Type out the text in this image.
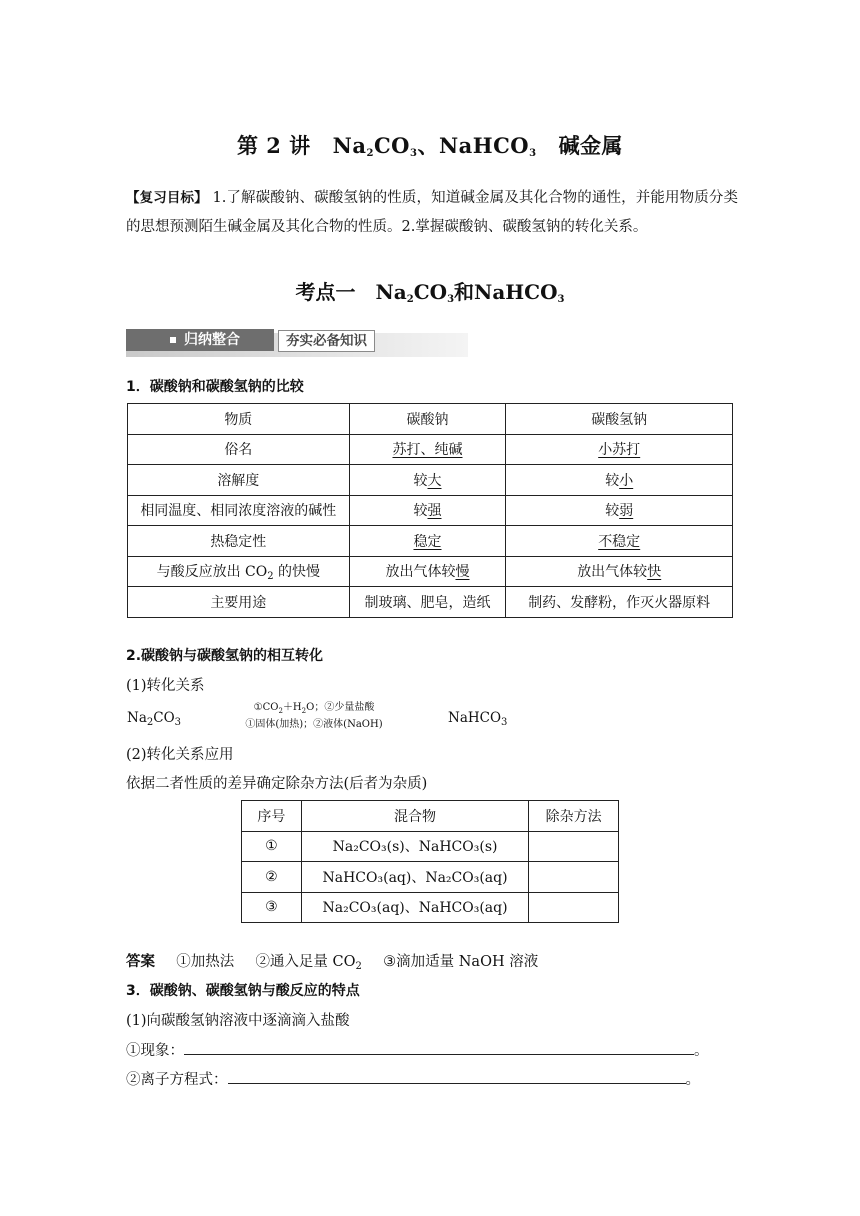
第 2 讲 $Na_2CO_3$、NaHCO$_3$ 碱金属
【复习目标】 1.了解碳酸钠、碳酸氢钠的性质，知道碱金属及其化合物的通性，并能用物质分类的思想预测陌生碱金属及其化合物的性质。2.掌握碳酸钠、碳酸氢钠的转化关系。
考点一 $Na_2CO_3$和NaHCO$_3$
归纳整合	夯实必备知识
1．碳酸钠和碳酸氢钠的比较
物质	碳酸钠	碳酸氢钠
俗名	苏打、纯碱	小苏打
溶解度	较大	较小
相同温度、相同浓度溶液的碱性	较强	较弱
热稳定性	稳定	不稳定
与酸反应放出 $CO_2$ 的快慢	放出气体较慢	放出气体较快
主要用途	制玻璃、肥皂，造纸	制药、发酵粉，作灭火器原料
2.碳酸钠与碳酸氢钠的相互转化
(1)转化关系
$Na_2CO_3$
$①CO_2+H_2O$；②少量盐酸
①固体(加热)；②液体(NaOH)	NaHCO$_3$
(2)转化关系应用
依据二者性质的差异确定除杂方法(后者为杂质)
序号	混合物	除杂方法
①	Na₂CO₃(s)、NaHCO₃(s)	
②	NaHCO₃(aq)、Na₂CO₃(aq)	
③	Na₂CO₃(aq)、NaHCO₃(aq)	
答案 ①加热法 ②通入足量 $CO_2$ ③滴加适量 NaOH 溶液
3．碳酸钠、碳酸氢钠与酸反应的特点
(1)向碳酸氢钠溶液中逐滴滴入盐酸
①现象：	。
②离子方程式：	。
